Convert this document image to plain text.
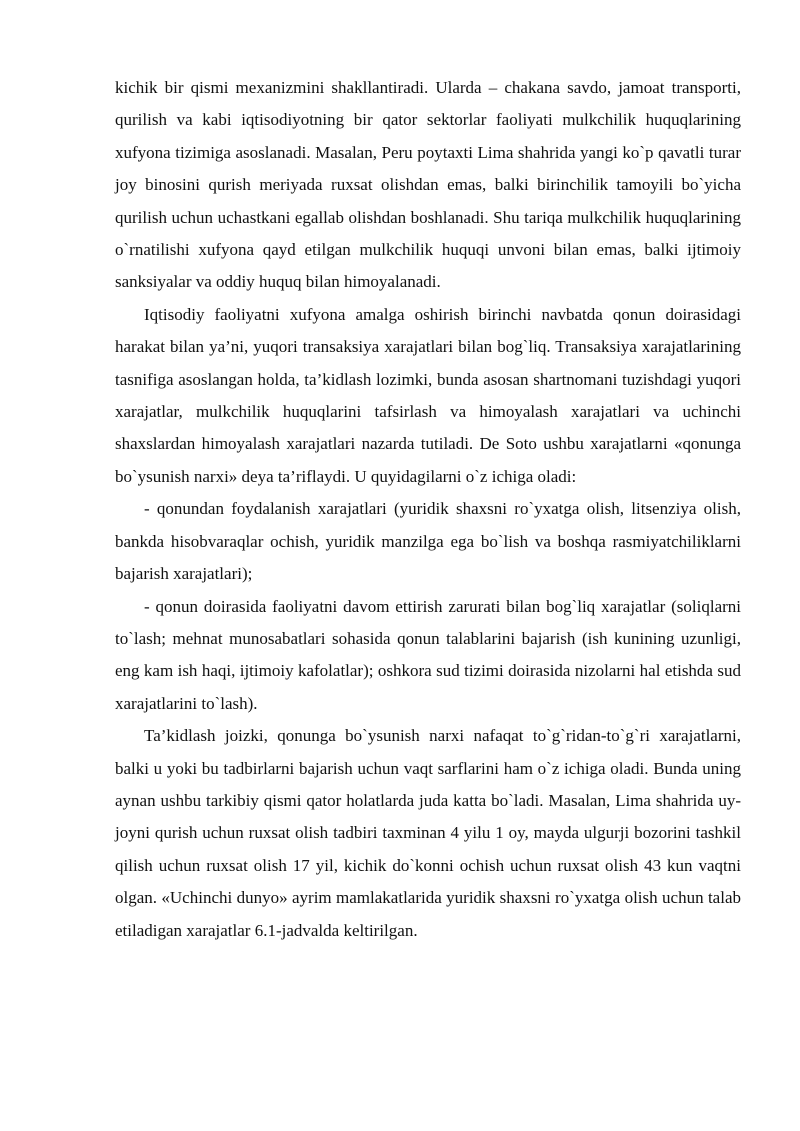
kichik bir qismi mexanizmini shakllantiradi. Ularda – chakana savdo, jamoat transporti, qurilish va kabi iqtisodiyotning bir qator sektorlar faoliyati mulkchilik huquqlarining xufyona tizimiga asoslanadi. Masalan, Peru poytaxti Lima shahrida yangi ko`p qavatli turar joy binosini qurish meriyada ruxsat olishdan emas, balki birinchilik tamoyili bo`yicha qurilish uchun uchastkani egallab olishdan boshlanadi. Shu tariqa mulkchilik huquqlarining o`rnatilishi xufyona qayd etilgan mulkchilik huquqi unvoni bilan emas, balki ijtimoiy sanksiyalar va oddiy huquq bilan himoyalanadi.

Iqtisodiy faoliyatni xufyona amalga oshirish birinchi navbatda qonun doirasidagi harakat bilan ya’ni, yuqori transaksiya xarajatlari bilan bog`liq. Transaksiya xarajatlarining tasnifiga asoslangan holda, ta’kidlash lozimki, bunda asosan shartnomani tuzishdagi yuqori xarajatlar, mulkchilik huquqlarini tafsirlash va himoyalash xarajatlari va uchinchi shaxslardan himoyalash xarajatlari nazarda tutiladi. De Soto ushbu xarajatlarni «qonunga bo`ysunish narxi» deya ta’riflaydi. U quyidagilarni o`z ichiga oladi:

- qonundan foydalanish xarajatlari (yuridik shaxsni ro`yxatga olish, litsenziya olish, bankda hisobvaraqlar ochish, yuridik manzilga ega bo`lish va boshqa rasmiyatchiliklarni bajarish xarajatlari);

- qonun doirasida faoliyatni davom ettirish zarurati bilan bog`liq xarajatlar (soliqlarni to`lash; mehnat munosabatlari sohasida qonun talablarini bajarish (ish kunining uzunligi, eng kam ish haqi, ijtimoiy kafolatlar); oshkora sud tizimi doirasida nizolarni hal etishda sud xarajatlarini to`lash).

Ta’kidlash joizki, qonunga bo`ysunish narxi nafaqat to`g`ridan-to`g`ri xarajatlarni, balki u yoki bu tadbirlarni bajarish uchun vaqt sarflarini ham o`z ichiga oladi. Bunda uning aynan ushbu tarkibiy qismi qator holatlarda juda katta bo`ladi. Masalan, Lima shahrida uy-joyni qurish uchun ruxsat olish tadbiri taxminan 4 yilu 1 oy, mayda ulgurji bozorini tashkil qilish uchun ruxsat olish 17 yil, kichik do`konni ochish uchun ruxsat olish 43 kun vaqtni olgan. «Uchinchi dunyo» ayrim mamlakatlarida yuridik shaxsni ro`yxatga olish uchun talab etiladigan xarajatlar 6.1-jadvalda keltirilgan.
